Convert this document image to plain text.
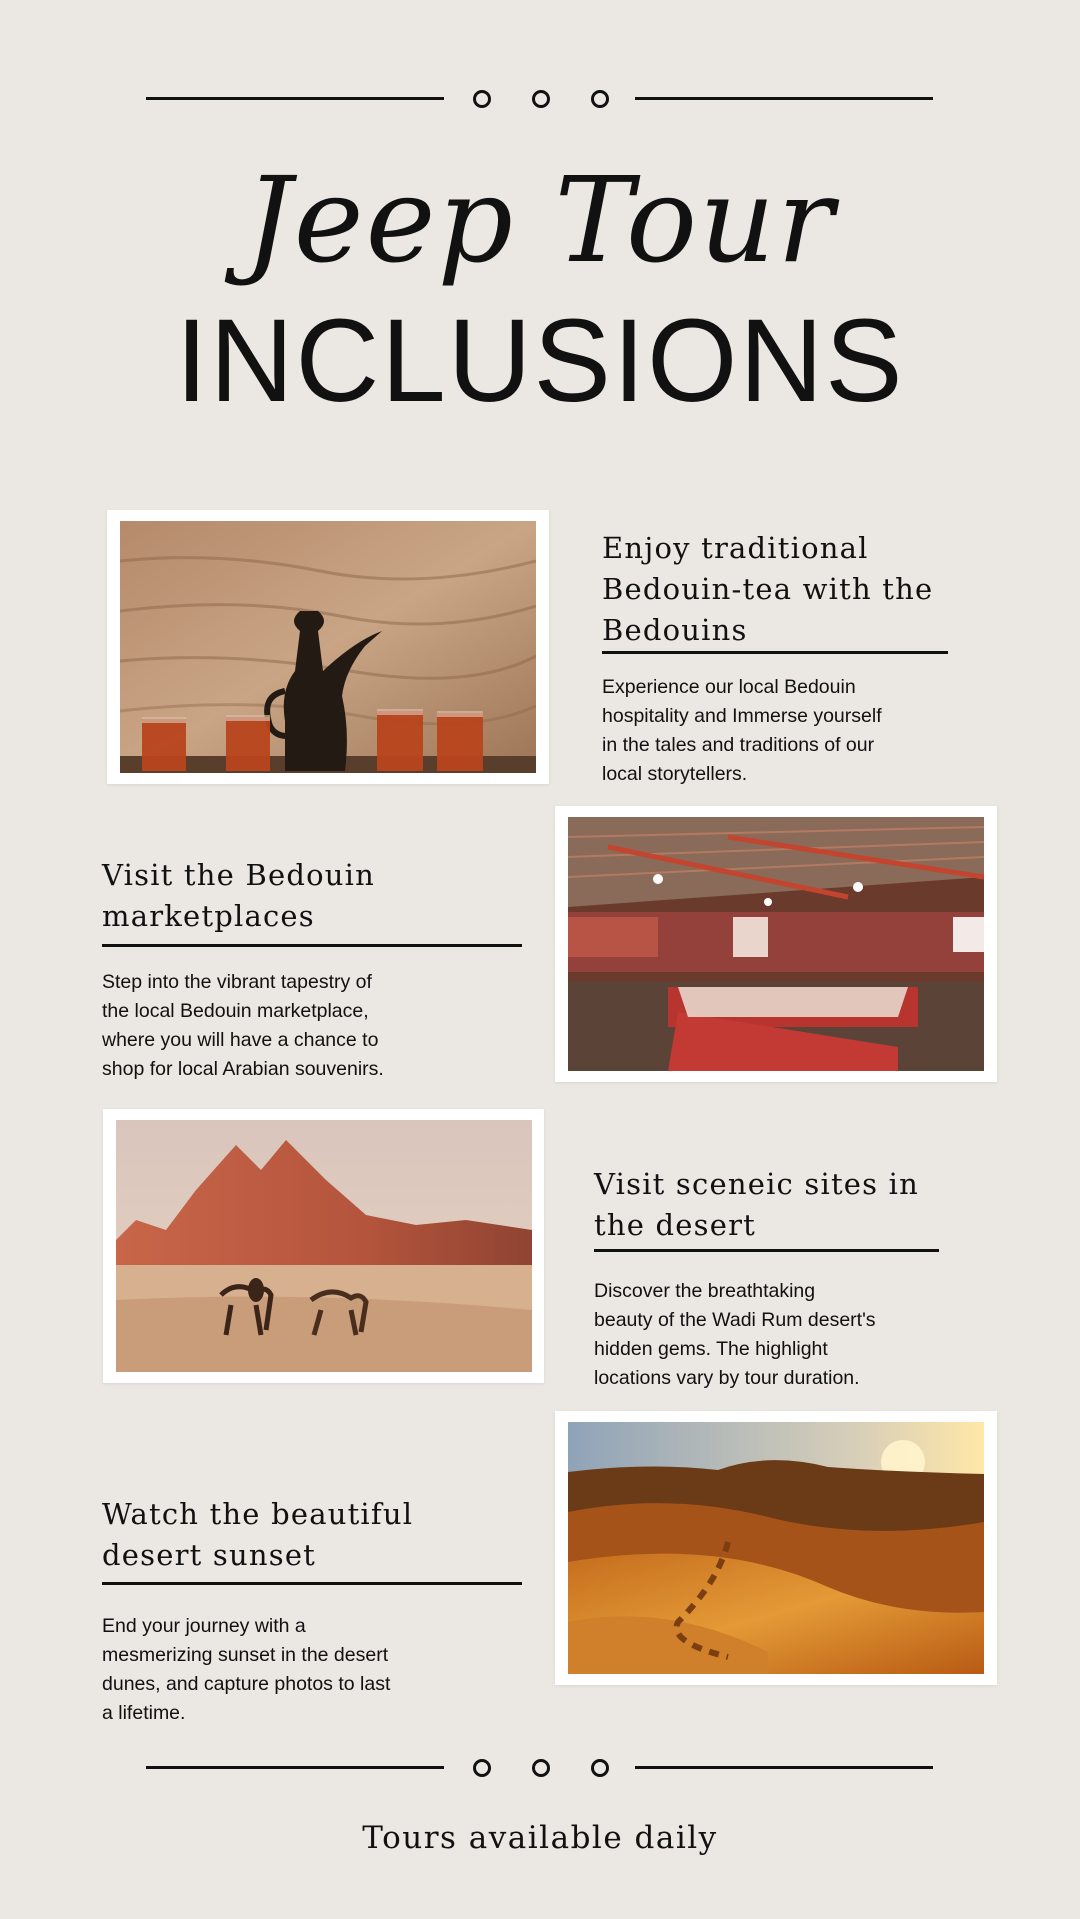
Jeep Tour
INCLUSIONS
Enjoy traditional
Bedouin-tea with the
Bedouins
Experience our local Bedouin
hospitality and Immerse yourself
in the tales and traditions of our
local storytellers.
Visit the Bedouin
marketplaces
Step into the vibrant tapestry of
the local Bedouin marketplace,
where you will have a chance to
shop for local Arabian souvenirs.
Visit sceneic sites in
the desert
Discover the breathtaking
beauty of the Wadi Rum desert's
hidden gems. The highlight
locations vary by tour duration.
Watch the beautiful
desert sunset
End your journey with a
mesmerizing sunset in the desert
dunes, and capture photos to last
a lifetime.
Tours available daily
